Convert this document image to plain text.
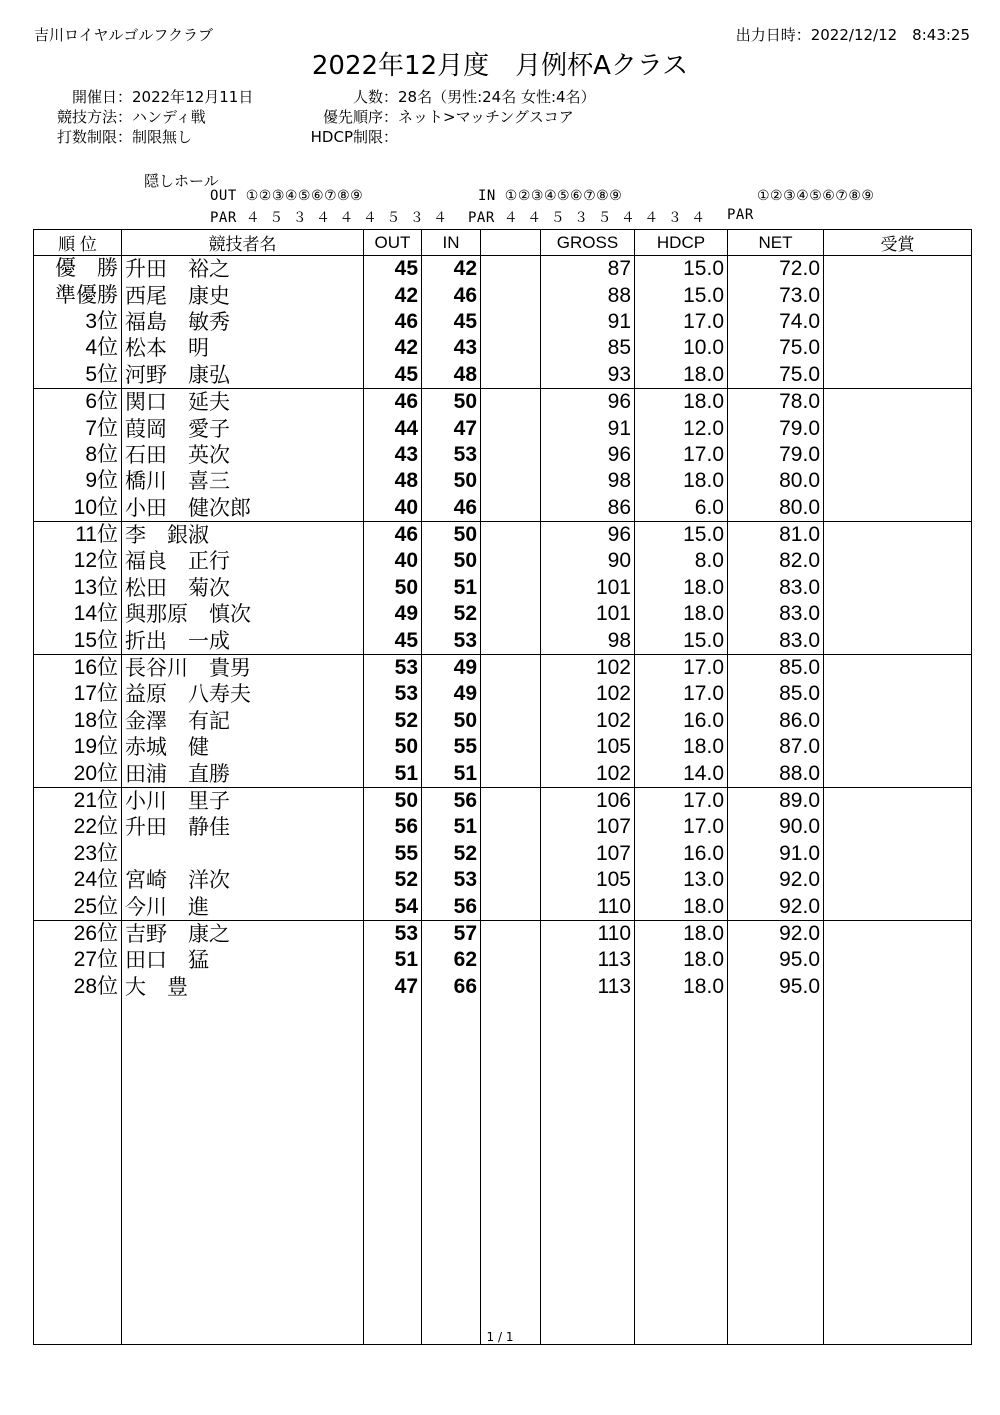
吉川ロイヤルゴルフクラブ	出力日時：2022/12/12　8:43:25
2022年12月度　月例杯Aクラス
開催日：2022年12月11日
競技方法：ハンディ戦
打数制限：制限無し
人数：28名（男性:24名 女性:4名）
優先順序：ネット>マッチングスコア
HDCP制限：
隠しホール
OUT ①②③④⑤⑥⑦⑧⑨
PAR ４ ５ ３ ４ ４ ４ ５ ３ ４
IN ①②③④⑤⑥⑦⑧⑨
PAR ４ ４ ５ ３ ５ ４ ４ ３ ４
①②③④⑤⑥⑦⑧⑨
PAR
順 位	競技者名	OUT	IN		GROSS	HDCP	NET	受賞
優　勝	升田　裕之	45	42		87	15.0	72.0	
準優勝	西尾　康史	42	46		88	15.0	73.0	
3位	福島　敏秀	46	45		91	17.0	74.0	
4位	松本　明	42	43		85	10.0	75.0	
5位	河野　康弘	45	48		93	18.0	75.0	
6位	関口　延夫	46	50		96	18.0	78.0	
7位	葭岡　愛子	44	47		91	12.0	79.0	
8位	石田　英次	43	53		96	17.0	79.0	
9位	橋川　喜三	48	50		98	18.0	80.0	
10位	小田　健次郎	40	46		86	6.0	80.0	
11位	李　銀淑	46	50		96	15.0	81.0	
12位	福良　正行	40	50		90	8.0	82.0	
13位	松田　菊次	50	51		101	18.0	83.0	
14位	與那原　慎次	49	52		101	18.0	83.0	
15位	折出　一成	45	53		98	15.0	83.0	
16位	長谷川　貴男	53	49		102	17.0	85.0	
17位	益原　八寿夫	53	49		102	17.0	85.0	
18位	金澤　有記	52	50		102	16.0	86.0	
19位	赤城　健	50	55		105	18.0	87.0	
20位	田浦　直勝	51	51		102	14.0	88.0	
21位	小川　里子	50	56		106	17.0	89.0	
22位	升田　静佳	56	51		107	17.0	90.0	
23位		55	52		107	16.0	91.0	
24位	宮崎　洋次	52	53		105	13.0	92.0	
25位	今川　進	54	56		110	18.0	92.0	
26位	吉野　康之	53	57		110	18.0	92.0	
27位	田口　猛	51	62		113	18.0	95.0	
28位	大　豊	47	66		113	18.0	95.0	

1 / 1
